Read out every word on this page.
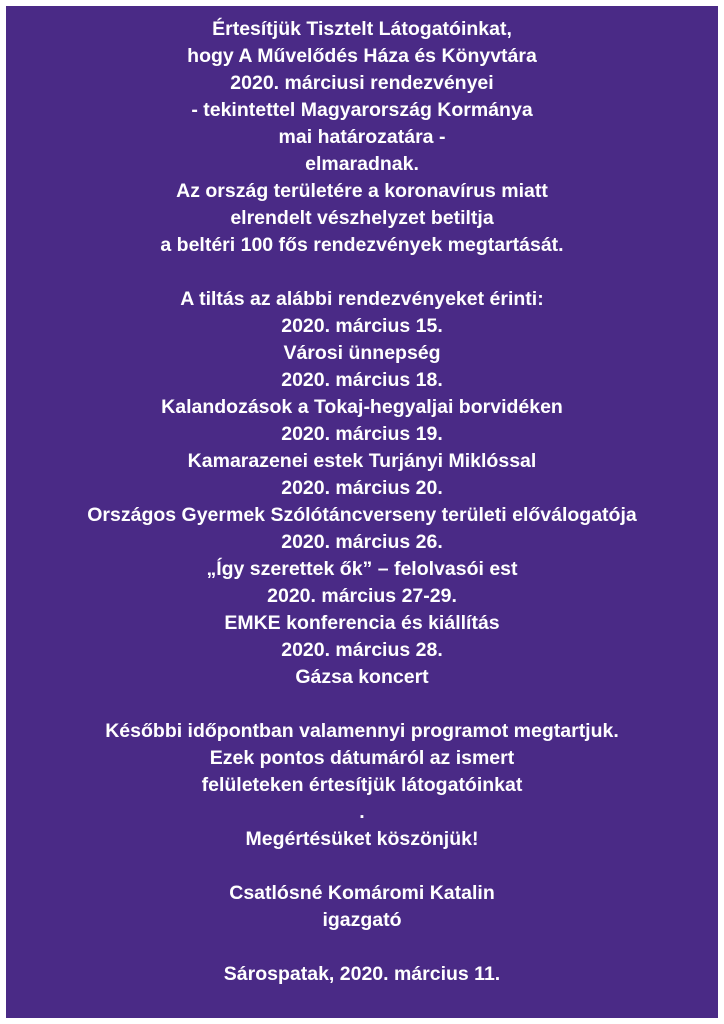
Értesítjük Tisztelt Látogatóinkat,
hogy A Művelődés Háza és Könyvtára
2020. márciusi rendezvényei
- tekintettel Magyarország Kormánya
mai határozatára -
elmaradnak.
Az ország területére a koronavírus miatt
elrendelt vészhelyzet betiltja
a beltéri 100 fős rendezvények megtartását.
A tiltás az alábbi rendezvényeket érinti:
2020. március 15.
Városi ünnepség
2020. március 18.
Kalandozások a Tokaj-hegyaljai borvidéken
2020. március 19.
Kamarazenei estek Turjányi Miklóssal
2020. március 20.
Országos Gyermek Szólótáncverseny területi előválogatója
2020. március 26.
„Így szerettek ők” – felolvasói est
2020. március 27-29.
EMKE konferencia és kiállítás
2020. március 28.
Gázsa koncert
Későbbi időpontban valamennyi programot megtartjuk.
Ezek pontos dátumáról az ismert
felületeken értesítjük látogatóinkat
.
Megértésüket köszönjük!
Csatlósné Komáromi Katalin
igazgató
Sárospatak, 2020. március 11.
